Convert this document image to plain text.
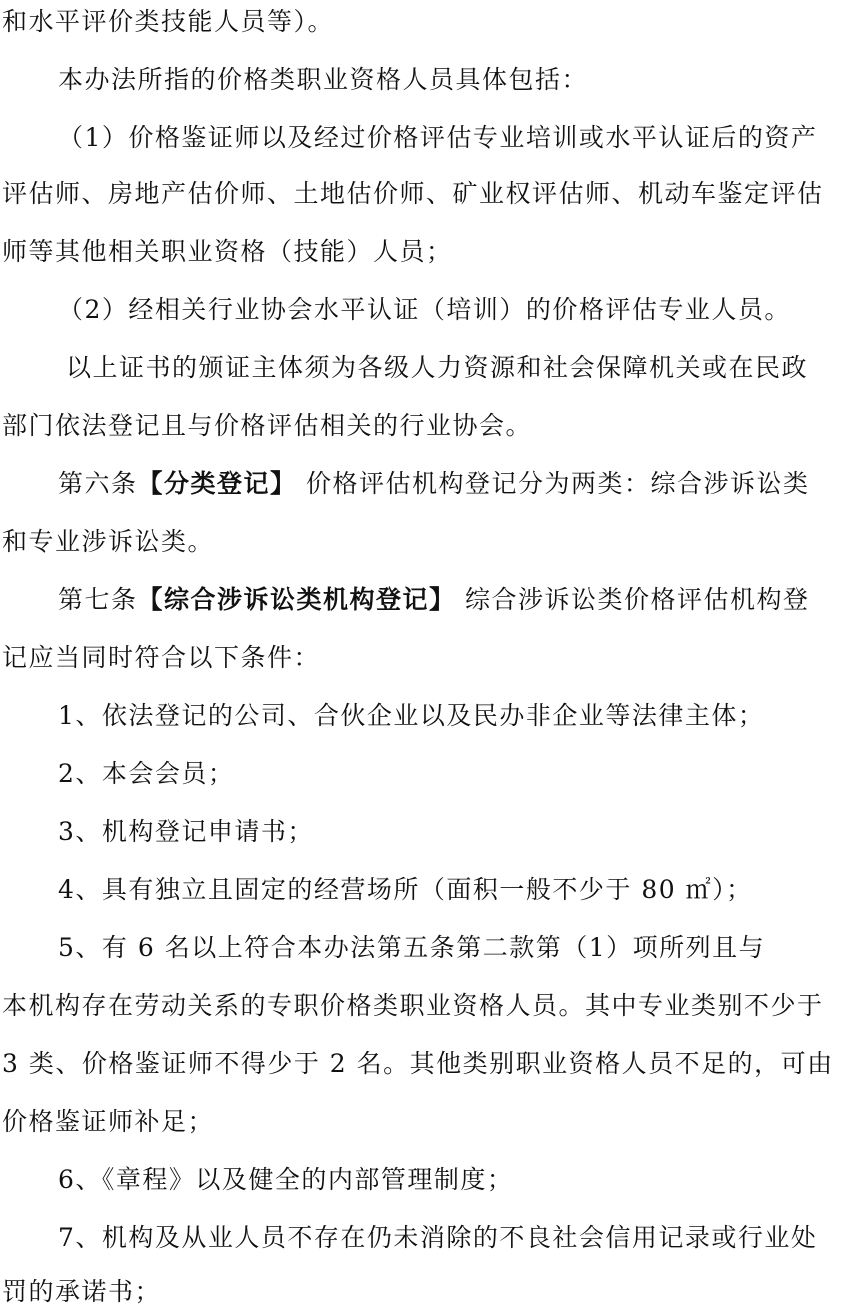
和水平评价类技能人员等）。
本办法所指的价格类职业资格人员具体包括：
（1）价格鉴证师以及经过价格评估专业培训或水平认证后的资产
评估师、房地产估价师、土地估价师、矿业权评估师、机动车鉴定评估
师等其他相关职业资格（技能）人员；
（2）经相关行业协会水平认证（培训）的价格评估专业人员。
以上证书的颁证主体须为各级人力资源和社会保障机关或在民政
部门依法登记且与价格评估相关的行业协会。
第六条【分类登记】 价格评估机构登记分为两类：综合涉诉讼类
和专业涉诉讼类。
第七条【综合涉诉讼类机构登记】 综合涉诉讼类价格评估机构登
记应当同时符合以下条件：
1、依法登记的公司、合伙企业以及民办非企业等法律主体；
2、本会会员；
3、机构登记申请书；
4、具有独立且固定的经营场所（面积一般不少于 80 ㎡）；
5、有 6 名以上符合本办法第五条第二款第（1）项所列且与
本机构存在劳动关系的专职价格类职业资格人员。其中专业类别不少于
3 类、价格鉴证师不得少于 2 名。其他类别职业资格人员不足的，可由
价格鉴证师补足；
6、《章程》以及健全的内部管理制度；
7、机构及从业人员不存在仍未消除的不良社会信用记录或行业处
罚的承诺书；
